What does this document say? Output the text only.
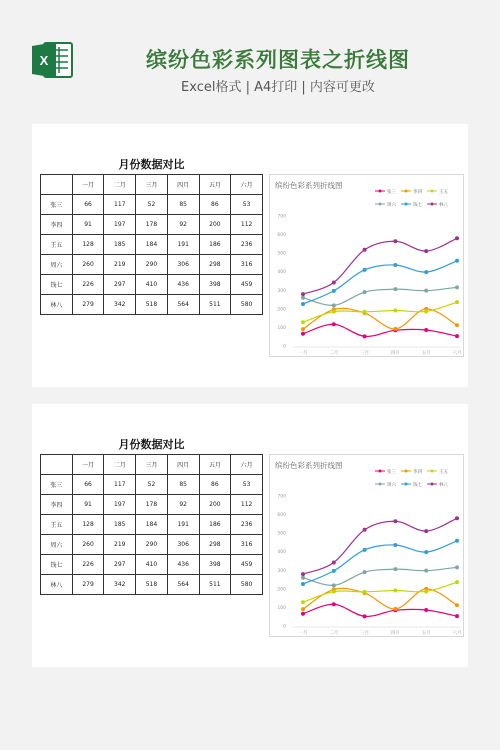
X	缤纷色彩系列图表之折线图
Excel格式 | A4打印 | 内容可更改
月份数据对比
	一月	二月	三月	四月	五月	六月
张三	66	117	52	85	86	53
李四	91	197	178	92	200	112
王五	128	185	184	191	186	236
周六	260	219	290	306	298	316
钱七	226	297	410	436	398	459
林八	279	342	518	564	511	580
缤纷色彩系列折线图
张三	李四	王五
周六	钱七	林八
0
100
200
300
400
500
600
700
一月	二月	三月	四月	五月	六月
月份数据对比
	一月	二月	三月	四月	五月	六月
张三	66	117	52	85	86	53
李四	91	197	178	92	200	112
王五	128	185	184	191	186	236
周六	260	219	290	306	298	316
钱七	226	297	410	436	398	459
林八	279	342	518	564	511	580
缤纷色彩系列折线图
张三	李四	王五
周六	钱七	林八
0
100
200
300
400
500
600
700
一月	二月	三月	四月	五月	六月
